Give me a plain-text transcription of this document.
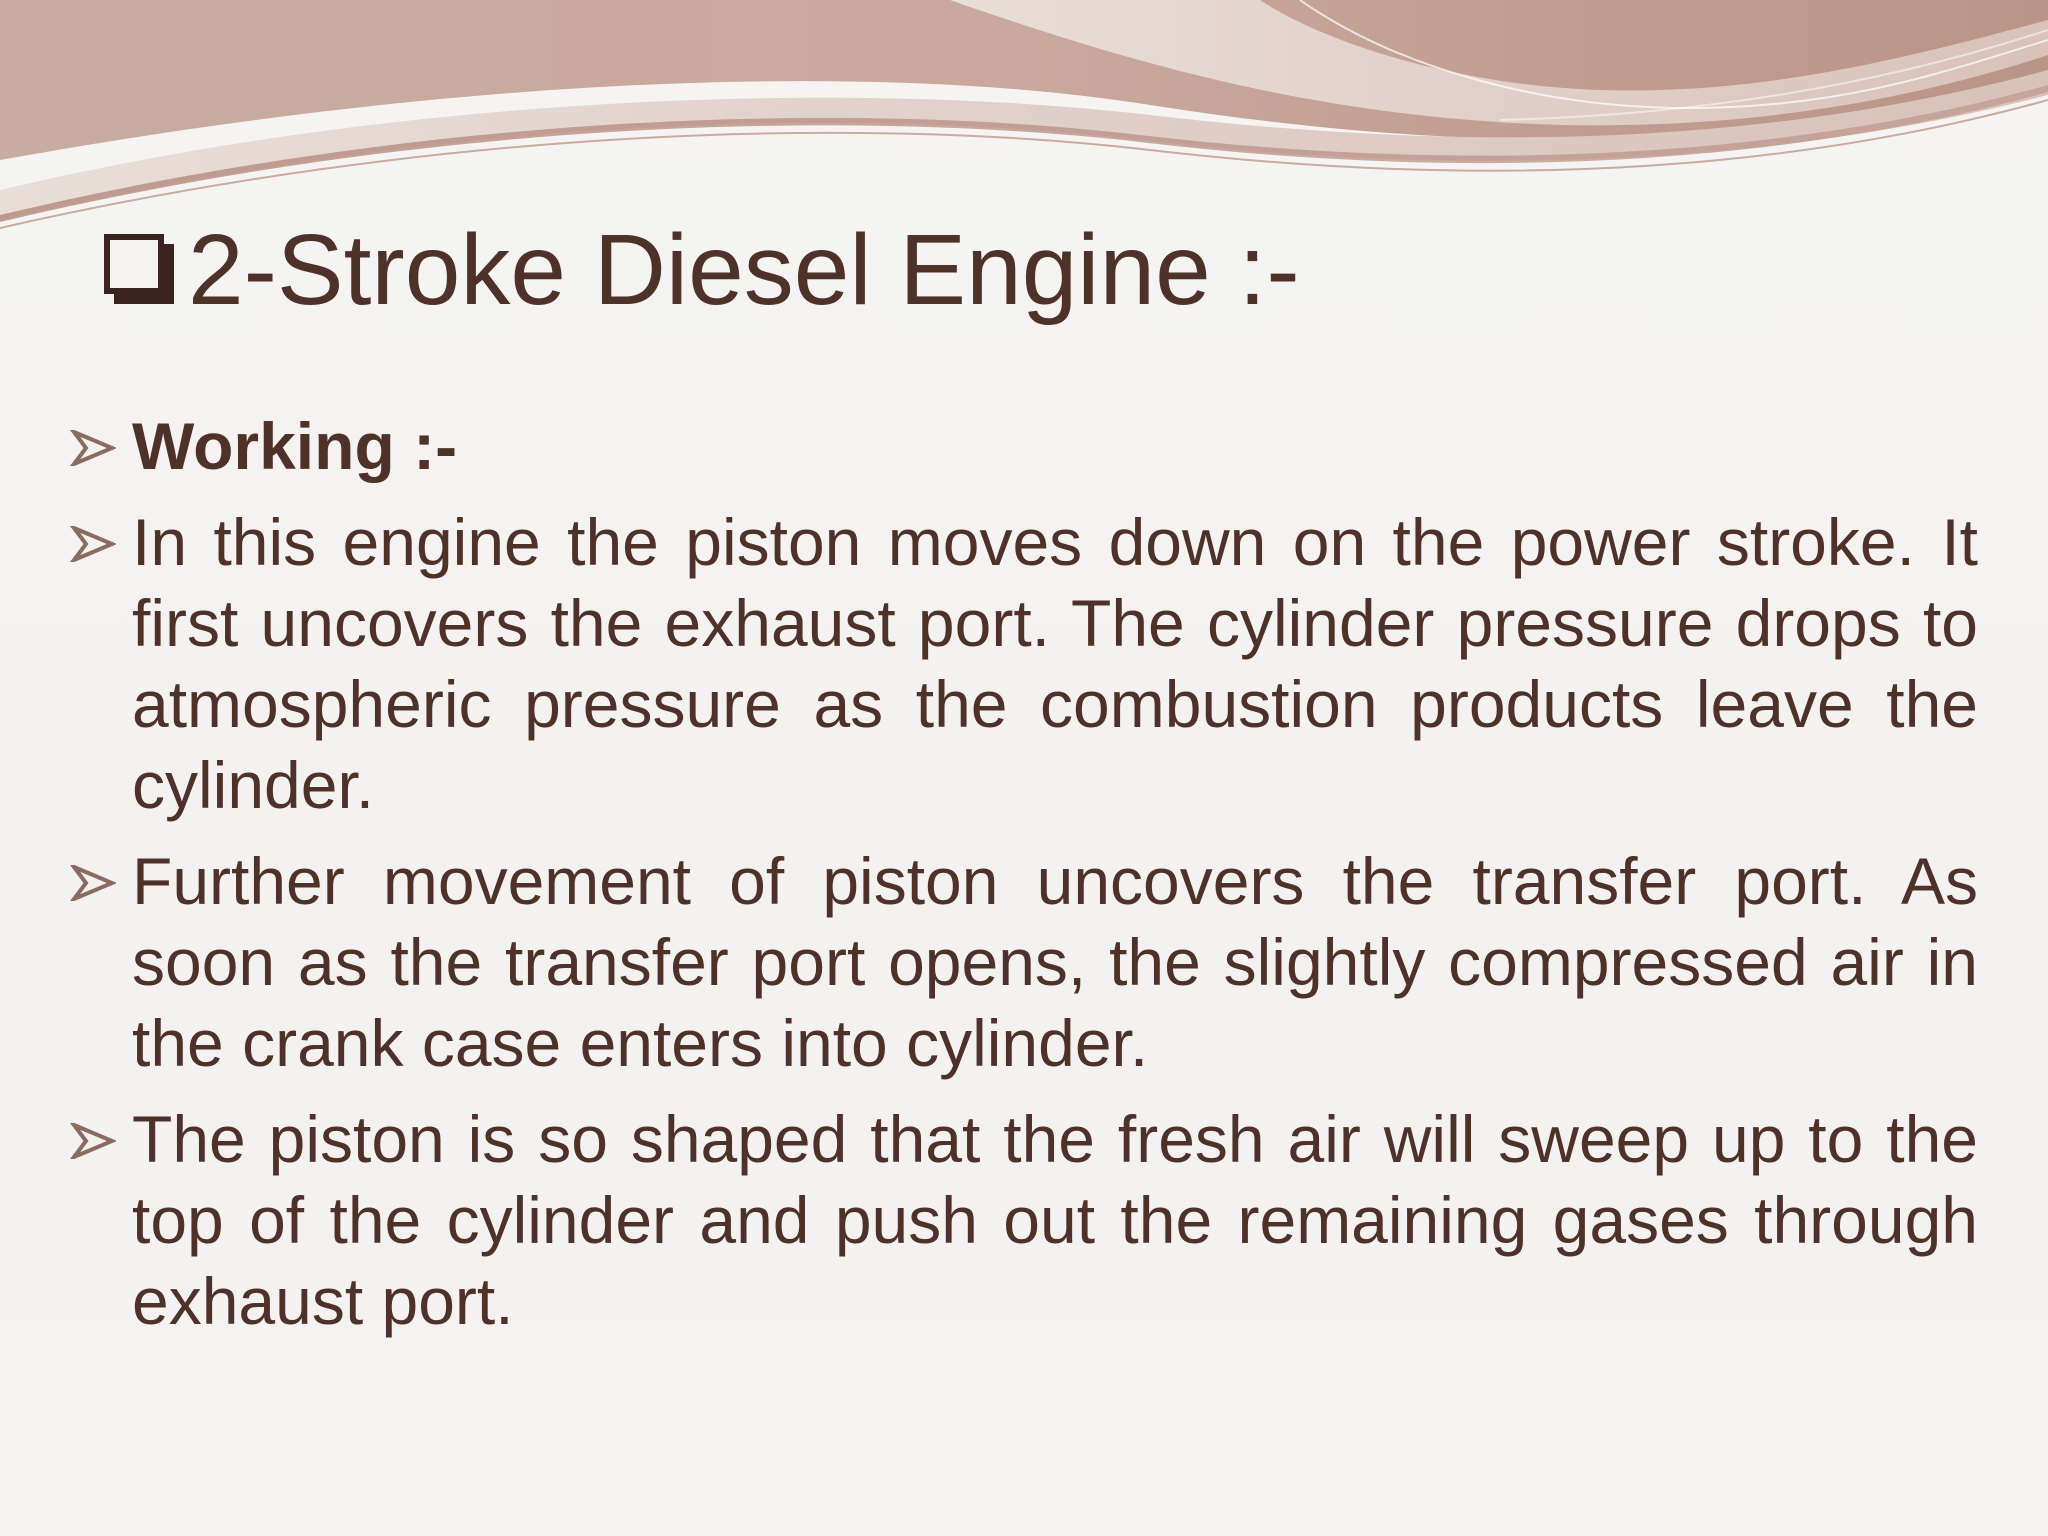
2-Stroke Diesel Engine :-
Working :-
In this engine the piston moves down on the power stroke. It first uncovers the exhaust port. The cylinder pressure drops to atmospheric pressure as the combustion products leave the cylinder.
Further movement of piston uncovers the transfer port. As soon as the transfer port opens, the slightly compressed air in the crank case enters into cylinder.
The piston is so shaped that the fresh air will sweep up to the top of the cylinder and push out the remaining gases through exhaust port.
